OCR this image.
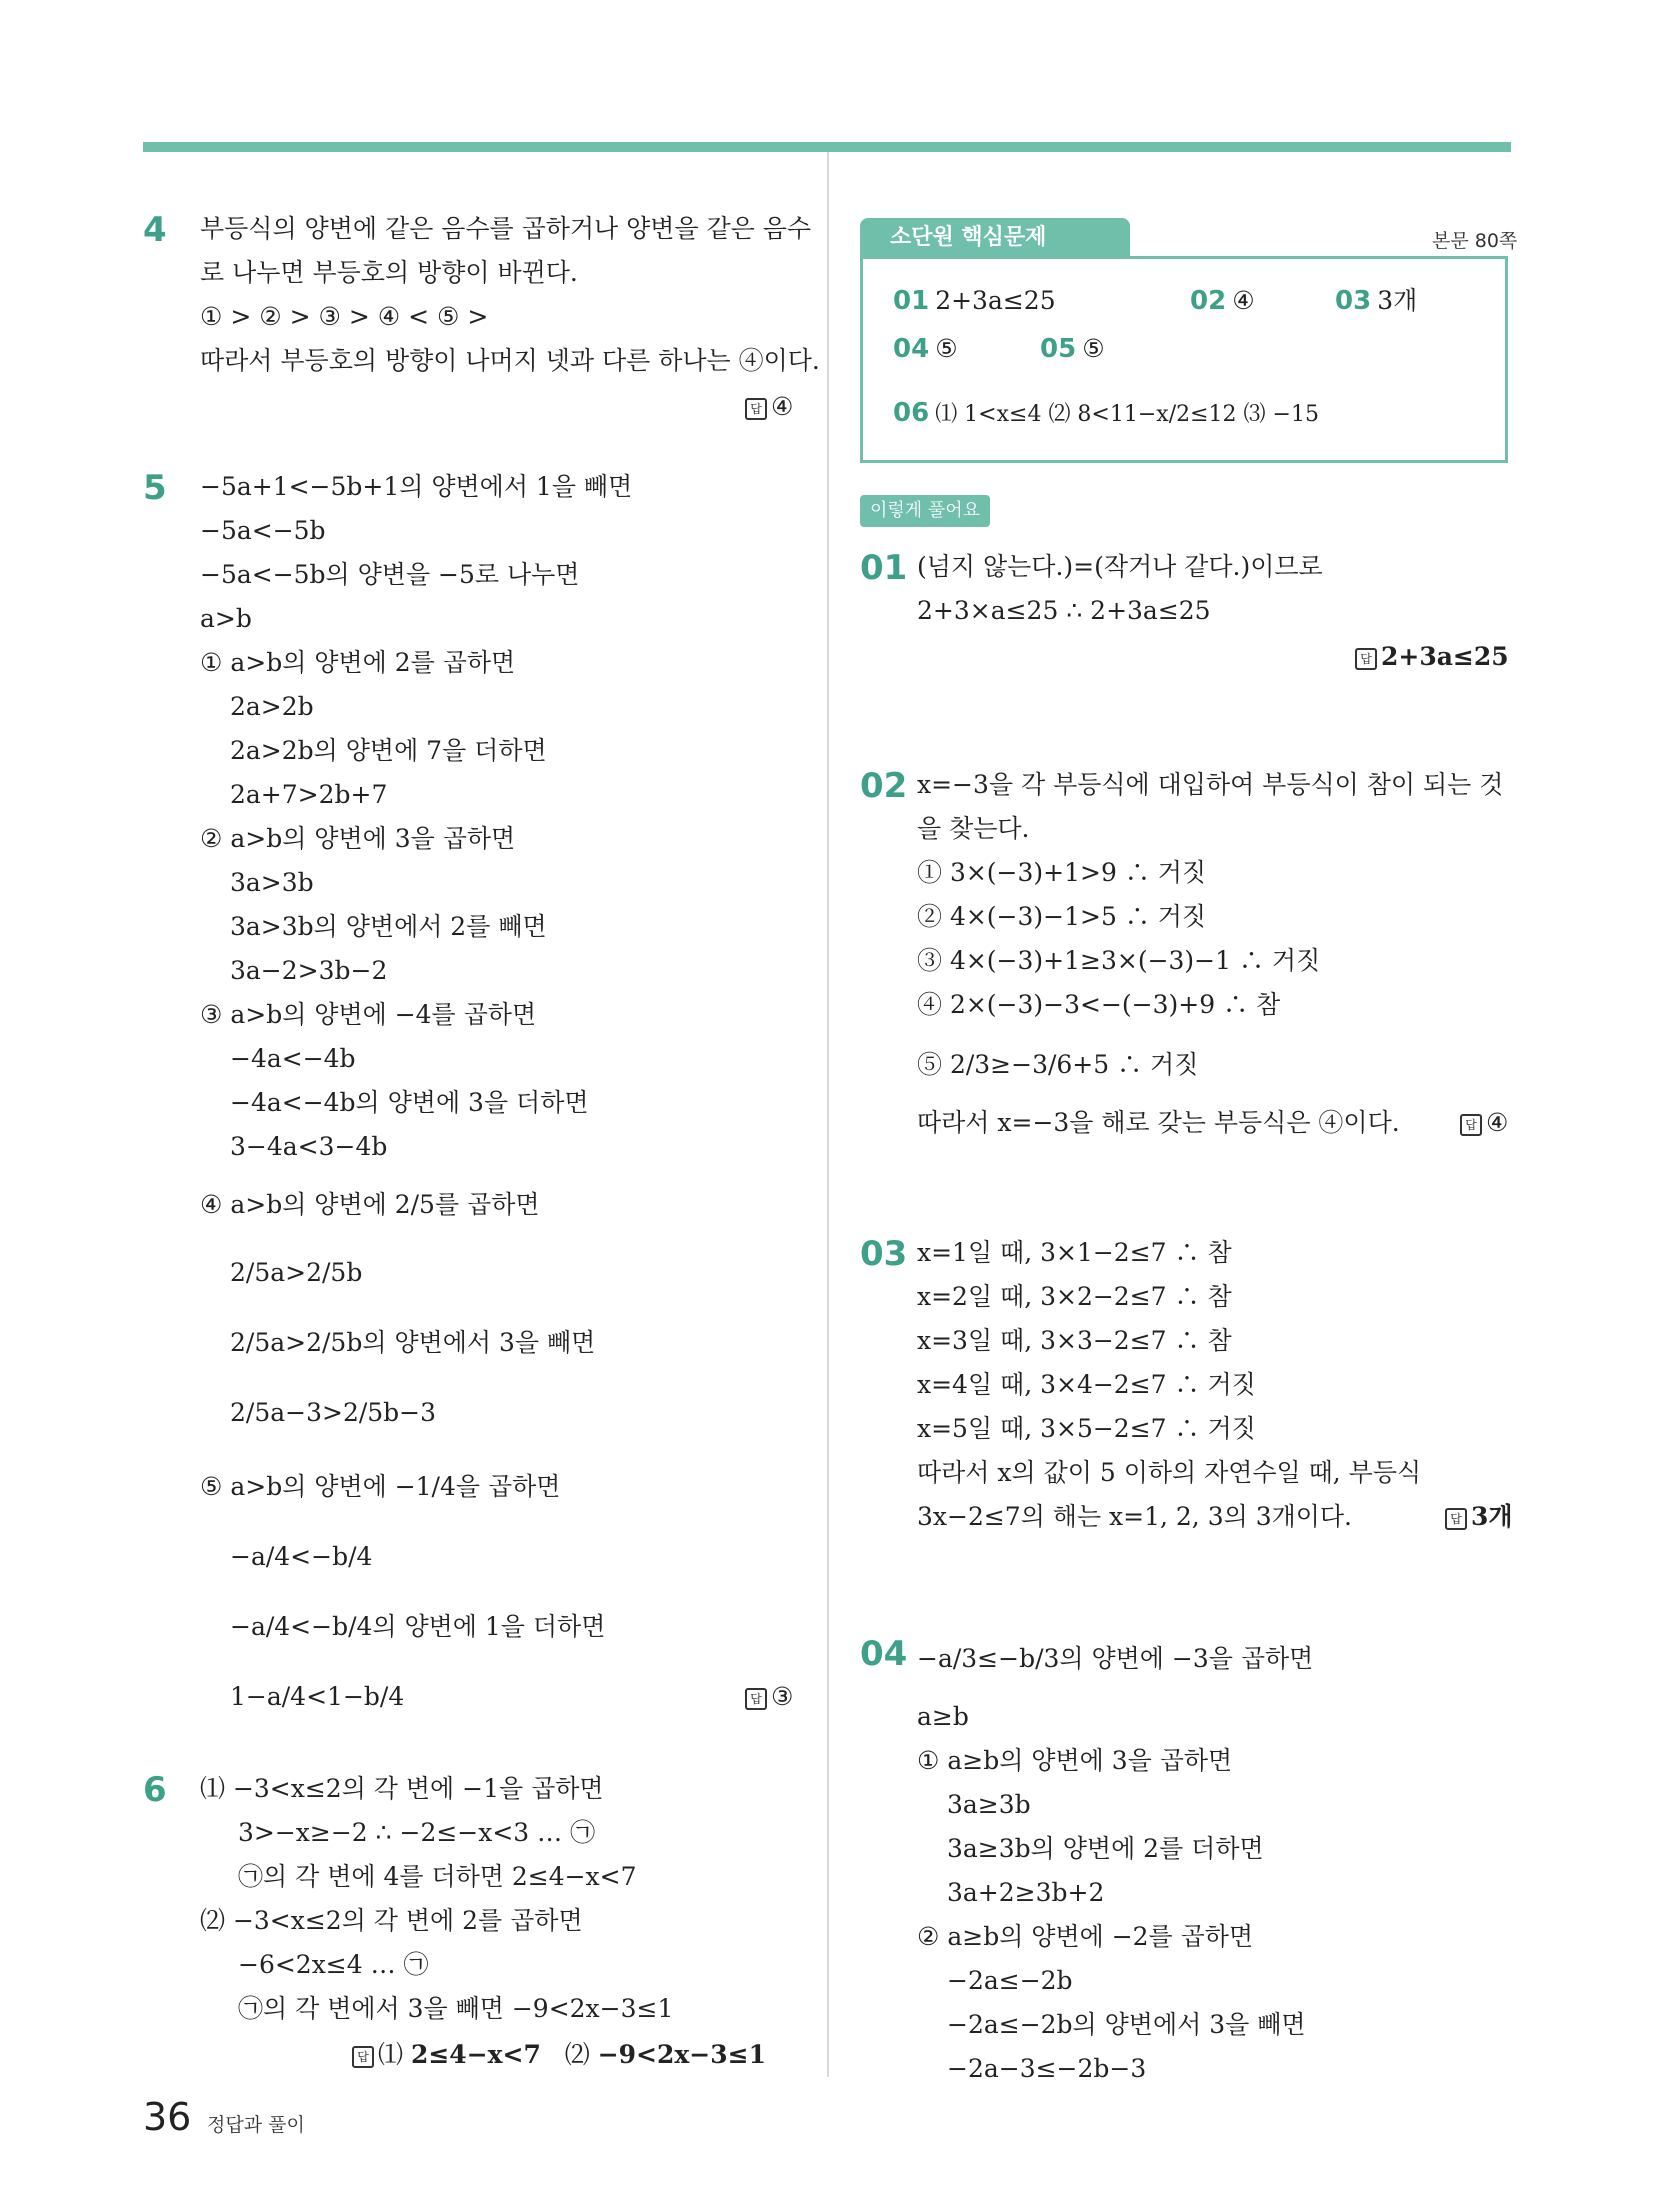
4 부등식의 양변에 같은 음수를 곱하거나 양변을 같은 음수
로 나누면 부등호의 방향이 바뀐다.
① > ② > ③ > ④ < ⑤ >
따라서 부등호의 방향이 나머지 넷과 다른 하나는 ④이다.
답 ④
5 −5a+1<−5b+1의 양변에서 1을 빼면
−5a<−5b
−5a<−5b의 양변을 −5로 나누면
a>b
① a>b의 양변에 2를 곱하면
2a>2b
2a>2b의 양변에 7을 더하면
2a+7>2b+7
② a>b의 양변에 3을 곱하면
3a>3b
3a>3b의 양변에서 2를 빼면
3a−2>3b−2
③ a>b의 양변에 −4를 곱하면
−4a<−4b
−4a<−4b의 양변에 3을 더하면
3−4a<3−4b
④ a>b의 양변에 2/5를 곱하면
2/5a>2/5b
2/5a>2/5b의 양변에서 3을 빼면
2/5a−3>2/5b−3
⑤ a>b의 양변에 −1/4을 곱하면
−a/4<−b/4
−a/4<−b/4의 양변에 1을 더하면
1−a/4<1−b/4	답 ③
6 ⑴ −3<x≤2의 각 변에 −1을 곱하면
3>−x≥−2 ∴ −2≤−x<3 … ㉠
㉠의 각 변에 4를 더하면 2≤4−x<7
⑵ −3<x≤2의 각 변에 2를 곱하면
−6<2x≤4 … ㉠
㉠의 각 변에서 3을 빼면 −9<2x−3≤1
답 ⑴ 2≤4−x<7 ⑵ −9<2x−3≤1
소단원 핵심문제	본문 80쪽
01 2+3a≤25	02 ④	03 3개
04 ⑤	05 ⑤
06 ⑴ 1<x≤4 ⑵ 8<11−x/2≤12 ⑶ −15
이렇게 풀어요
01 (넘지 않는다.)=(작거나 같다.)이므로
2+3×a≤25 ∴ 2+3a≤25
답 2+3a≤25
02 x=−3을 각 부등식에 대입하여 부등식이 참이 되는 것
을 찾는다.
① 3×(−3)+1>9 ∴ 거짓
② 4×(−3)−1>5 ∴ 거짓
③ 4×(−3)+1≥3×(−3)−1 ∴ 거짓
④ 2×(−3)−3<−(−3)+9 ∴ 참
⑤ 2/3≥−3/6+5 ∴ 거짓
따라서 x=−3을 해로 갖는 부등식은 ④이다.	답 ④
03 x=1일 때, 3×1−2≤7 ∴ 참
x=2일 때, 3×2−2≤7 ∴ 참
x=3일 때, 3×3−2≤7 ∴ 참
x=4일 때, 3×4−2≤7 ∴ 거짓
x=5일 때, 3×5−2≤7 ∴ 거짓
따라서 x의 값이 5 이하의 자연수일 때, 부등식
3x−2≤7의 해는 x=1, 2, 3의 3개이다.	답 3개
04 −a/3≤−b/3의 양변에 −3을 곱하면
a≥b
① a≥b의 양변에 3을 곱하면
3a≥3b
3a≥3b의 양변에 2를 더하면
3a+2≥3b+2
② a≥b의 양변에 −2를 곱하면
−2a≤−2b
−2a≤−2b의 양변에서 3을 빼면
−2a−3≤−2b−3
36 정답과 풀이
